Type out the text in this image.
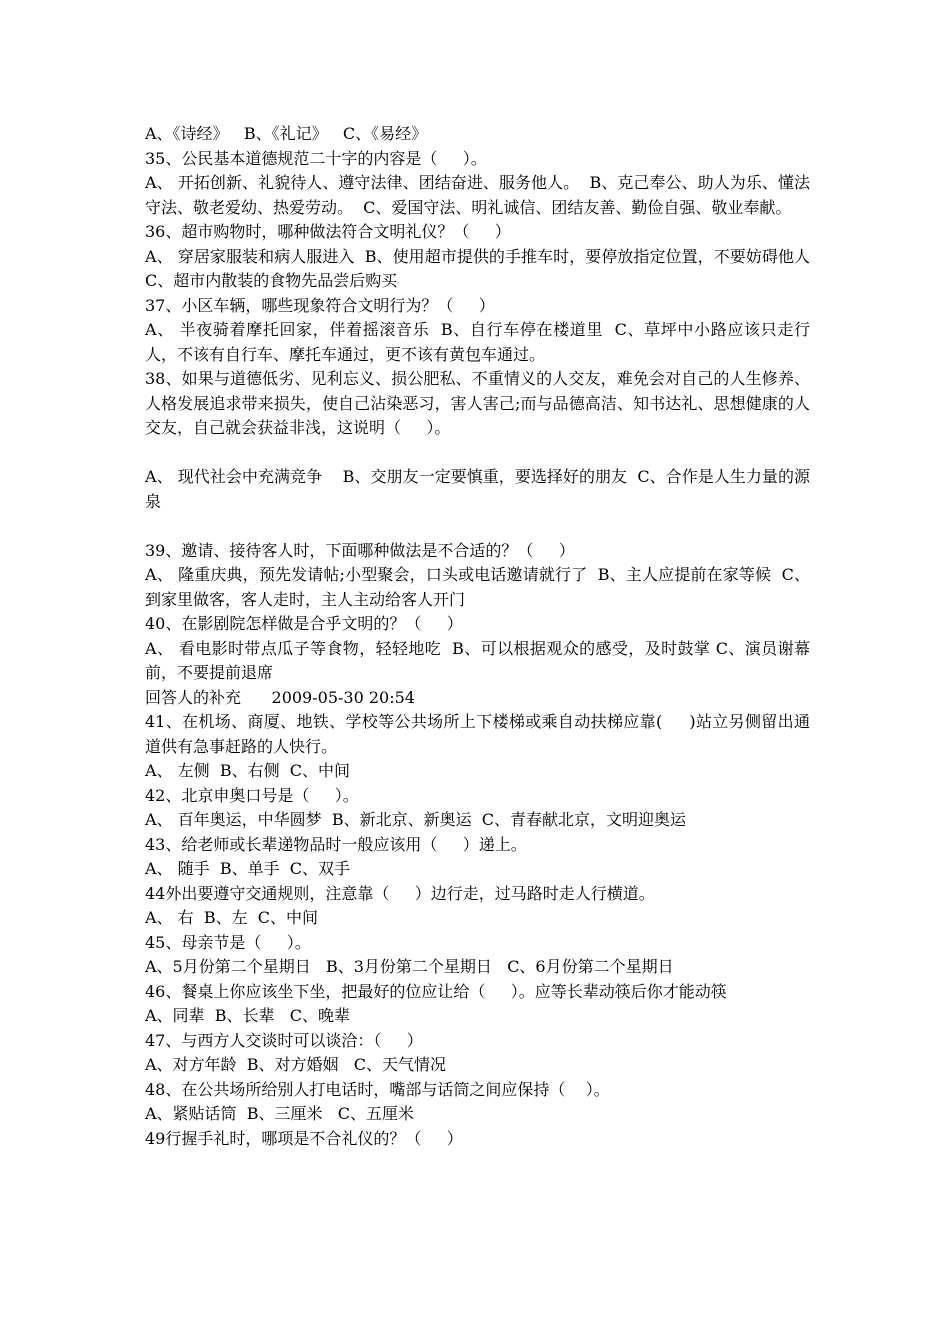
A、《诗经》   B、《礼记》   C、《易经》

35、公民基本道德规范二十字的内容是（     ）。

A、 开拓创新、礼貌待人、遵守法律、团结奋进、服务他人。  B、克己奉公、助人为乐、懂法守法、敬老爱幼、热爱劳动。  C、爱国守法、明礼诚信、团结友善、勤俭自强、敬业奉献。

36、超市购物时，哪种做法符合文明礼仪？（     ）

A、 穿居家服装和病人服进入  B、使用超市提供的手推车时，要停放指定位置，不要妨碍他人  C、超市内散装的食物先品尝后购买

37、小区车辆，哪些现象符合文明行为？（     ）

A、 半夜骑着摩托回家，伴着摇滚音乐  B、自行车停在楼道里  C、草坪中小路应该只走行人，不该有自行车、摩托车通过，更不该有黄包车通过。

38、如果与道德低劣、见利忘义、损公肥私、不重情义的人交友，难免会对自己的人生修养、人格发展追求带来损失，使自己沾染恶习，害人害己;而与品德高洁、知书达礼、思想健康的人交友，自己就会获益非浅，这说明（     ）。

A、 现代社会中充满竞争    B、交朋友一定要慎重，要选择好的朋友  C、合作是人生力量的源泉

39、邀请、接待客人时，下面哪种做法是不合适的？（     ）

A、 隆重庆典，预先发请帖;小型聚会，口头或电话邀请就行了  B、主人应提前在家等候  C、到家里做客，客人走时，主人主动给客人开门

40、在影剧院怎样做是合乎文明的？（     ）

A、 看电影时带点瓜子等食物，轻轻地吃  B、可以根据观众的感受，及时鼓掌 C、演员谢幕前，不要提前退席

回答人的补充      2009-05-30 20:54

41、在机场、商厦、地铁、学校等公共场所上下楼梯或乘自动扶梯应靠(     )站立另侧留出通道供有急事赶路的人快行。

A、 左侧  B、右侧  C、中间

42、北京申奥口号是（     ）。

A、 百年奥运，中华圆梦  B、新北京、新奥运  C、青春献北京，文明迎奥运

43、给老师或长辈递物品时一般应该用（     ）递上。

A、 随手  B、单手  C、双手

44外出要遵守交通规则，注意靠（     ）边行走，过马路时走人行横道。

A、 右  B、左  C、中间

45、母亲节是（     ）。

A、5月份第二个星期日   B、3月份第二个星期日   C、6月份第二个星期日

46、餐桌上你应该坐下坐，把最好的位应让给（     ）。应等长辈动筷后你才能动筷

A、同辈  B、长辈   C、晚辈

47、与西方人交谈时可以谈洽：（     ）

A、对方年龄  B、对方婚姻   C、天气情况

48、在公共场所给别人打电话时，嘴部与话筒之间应保持（    ）。

A、紧贴话筒  B、三厘米   C、五厘米

49行握手礼时，哪项是不合礼仪的？（     ）
